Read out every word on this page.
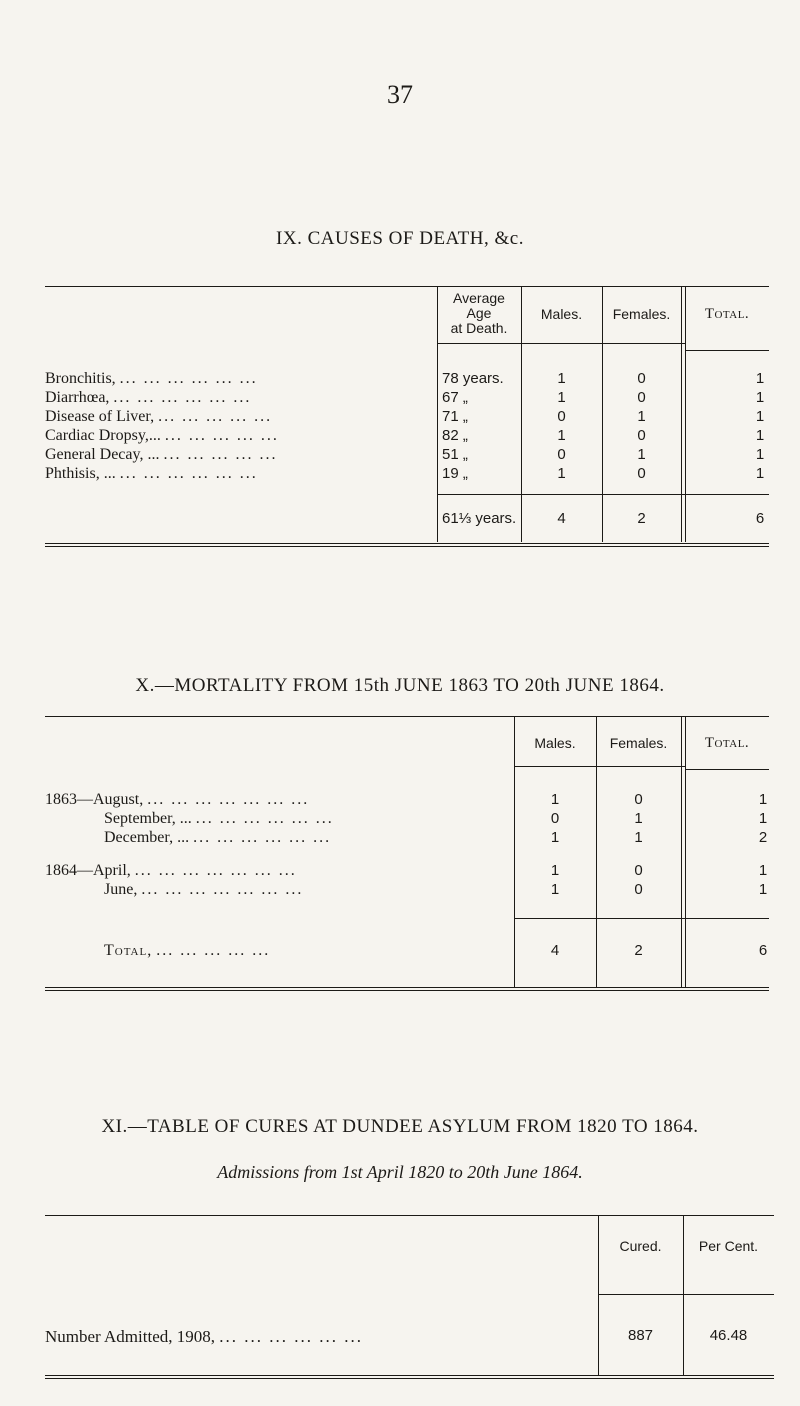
37
IX. CAUSES OF DEATH, &c.
Average
Age
at Death.
Males.	Females.	Total.
Bronchitis, ... ... ... ... ... ...	78 years.	1	0	1
Diarrhœa, ... ... ... ... ... ...	67 „	1	0	1
Disease of Liver, ... ... ... ... ...	71 „	0	1	1
Cardiac Dropsy,... ... ... ... ... ...	82 „	1	0	1
General Decay, ... ... ... ... ... ...	51 „	0	1	1
Phthisis, ... ... ... ... ... ... ...	19 „	1	0	1
61⅓ years.	4	2	6
X.—MORTALITY FROM 15th JUNE 1863 TO 20th JUNE 1864.
Males.	Females.	Total.
1863—August, ... ... ... ... ... ... ...	1	0	1
September, ... ... ... ... ... ... ...	0	1	1
December, ... ... ... ... ... ... ...	1	1	2
1864—April, ... ... ... ... ... ... ...	1	0	1
June, ... ... ... ... ... ... ...	1	0	1
Total, ... ... ... ... ...	4	2	6
XI.—TABLE OF CURES AT DUNDEE ASYLUM FROM 1820 TO 1864.
Admissions from 1st April 1820 to 20th June 1864.
Cured.	Per Cent.
Number Admitted, 1908, ... ... ... ... ... ...	887	46.48
